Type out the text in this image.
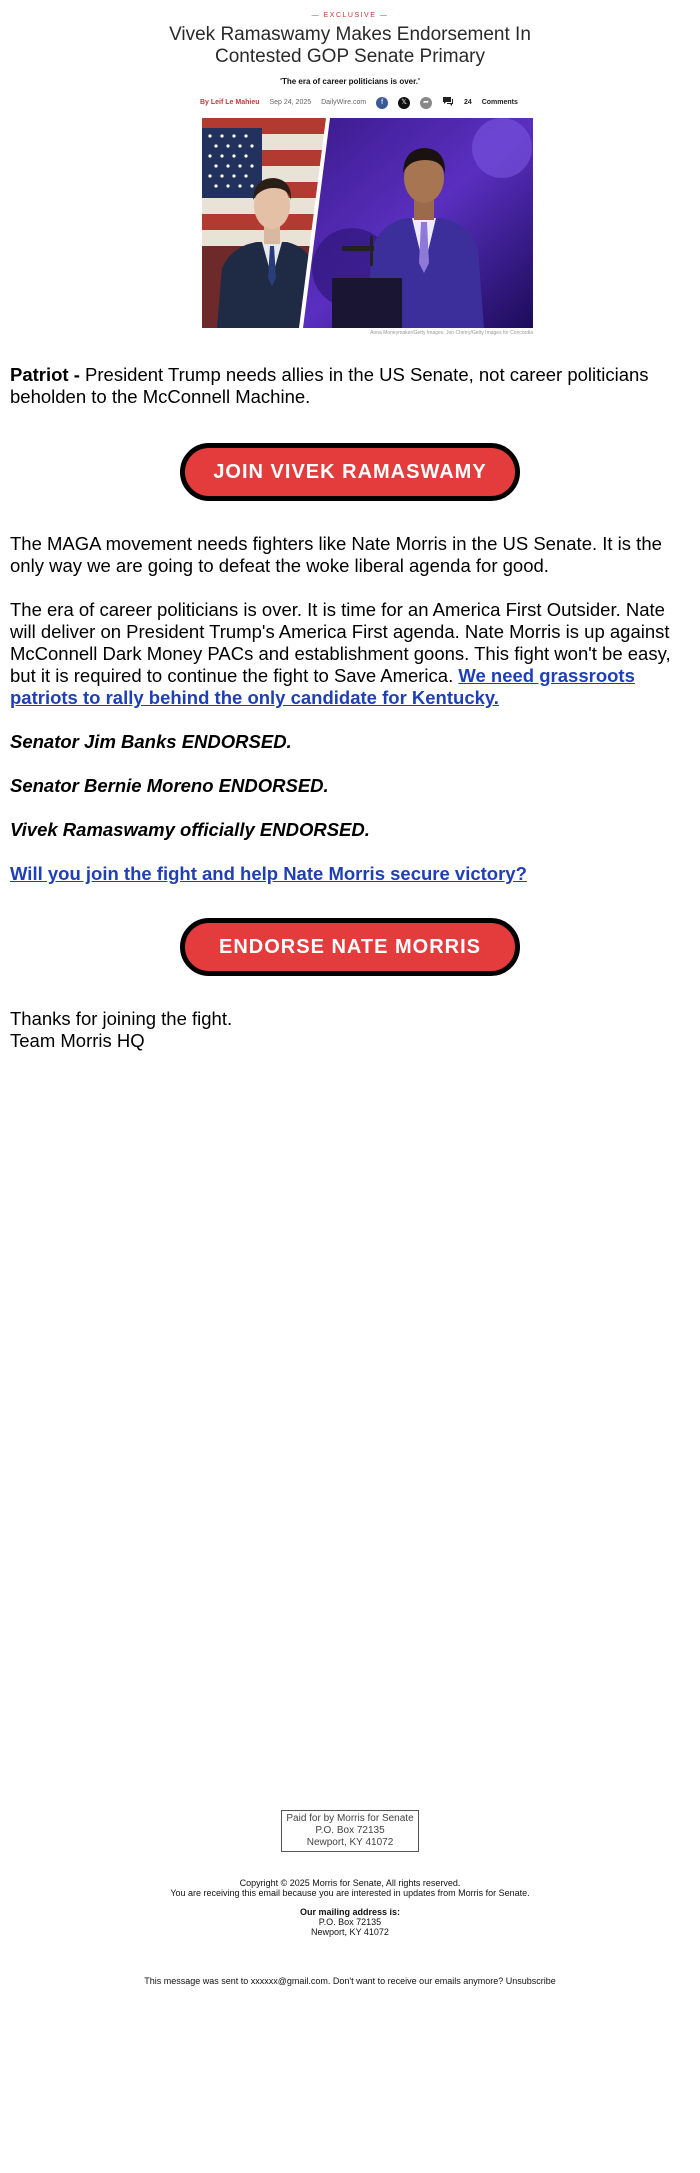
— EXCLUSIVE —
Vivek Ramaswamy Makes Endorsement In Contested GOP Senate Primary
'The era of career politicians is over.'
By Leif Le Mahieu Sep 24, 2025 DailyWire.com f	𝕏 ➦	24 Comments
Anna Moneymaker/Getty Images; Jon Cherry/Getty Images for Concordia

Patriot - President Trump needs allies in the US Senate, not career politicians beholden to the McConnell Machine.

JOIN VIVEK RAMASWAMY

The MAGA movement needs fighters like Nate Morris in the US Senate. It is the only way we are going to defeat the woke liberal agenda for good.

The era of career politicians is over. It is time for an America First Outsider. Nate will deliver on President Trump's America First agenda. Nate Morris is up against McConnell Dark Money PACs and establishment goons. This fight won't be easy, but it is required to continue the fight to Save America. We need grassroots patriots to rally behind the only candidate for Kentucky.

Senator Jim Banks ENDORSED.
Senator Bernie Moreno ENDORSED.
Vivek Ramaswamy officially ENDORSED.
Will you join the fight and help Nate Morris secure victory?
ENDORSE NATE MORRIS
Thanks for joining the fight.
Team Morris HQ
Paid for by Morris for Senate
P.O. Box 72135
Newport, KY 41072
Copyright © 2025 Morris for Senate, All rights reserved.
You are receiving this email because you are interested in updates from Morris for Senate.
Our mailing address is:
P.O. Box 72135
Newport, KY 41072
This message was sent to xxxxxx@gmail.com. Don't want to receive our emails anymore? Unsubscribe
